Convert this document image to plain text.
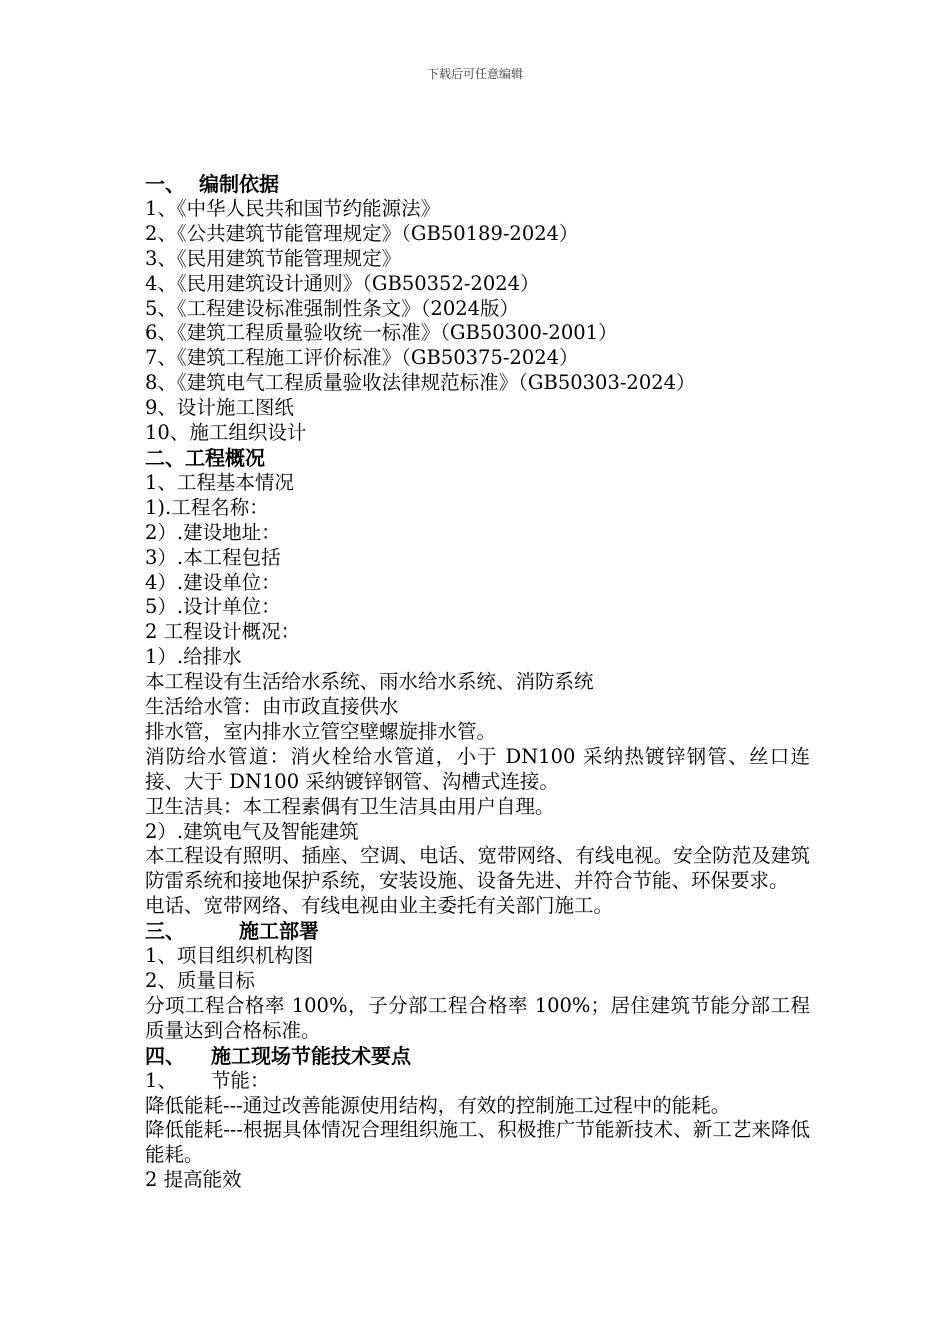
下载后可任意编辑
一、 编制依据
1、《中华人民共和国节约能源法》
2、《公共建筑节能管理规定》（GB50189-2024）
3、《民用建筑节能管理规定》
4、《民用建筑设计通则》（GB50352-2024）
5、《工程建设标准强制性条文》（2024版）
6、《建筑工程质量验收统一标准》（GB50300-2001）
7、《建筑工程施工评价标准》（GB50375-2024）
8、《建筑电气工程质量验收法律规范标准》（GB50303-2024）
9、设计施工图纸
10、施工组织设计
二、工程概况
1、工程基本情况
1).工程名称：
2）.建设地址：
3）.本工程包括
4）.建设单位：
5）.设计单位：
2 工程设计概况：
1）.给排水
本工程设有生活给水系统、雨水给水系统、消防系统
生活给水管：由市政直接供水
排水管，室内排水立管空壁螺旋排水管。
消防给水管道：消火栓给水管道，小于 DN100 采纳热镀锌钢管、丝口连接、大于 DN100 采纳镀锌钢管、沟槽式连接。
卫生洁具：本工程素偶有卫生洁具由用户自理。
2）.建筑电气及智能建筑
本工程设有照明、插座、空调、电话、宽带网络、有线电视。安全防范及建筑防雷系统和接地保护系统，安装设施、设备先进、并符合节能、环保要求。
电话、宽带网络、有线电视由业主委托有关部门施工。
三、	施工部署
1、项目组织机构图
2、质量目标
分项工程合格率 100%，子分部工程合格率 100%；居住建筑节能分部工程质量达到合格标准。
四、 施工现场节能技术要点
1、 节能：
降低能耗---通过改善能源使用结构，有效的控制施工过程中的能耗。
降低能耗---根据具体情况合理组织施工、积极推广节能新技术、新工艺来降低能耗。
2 提高能效
